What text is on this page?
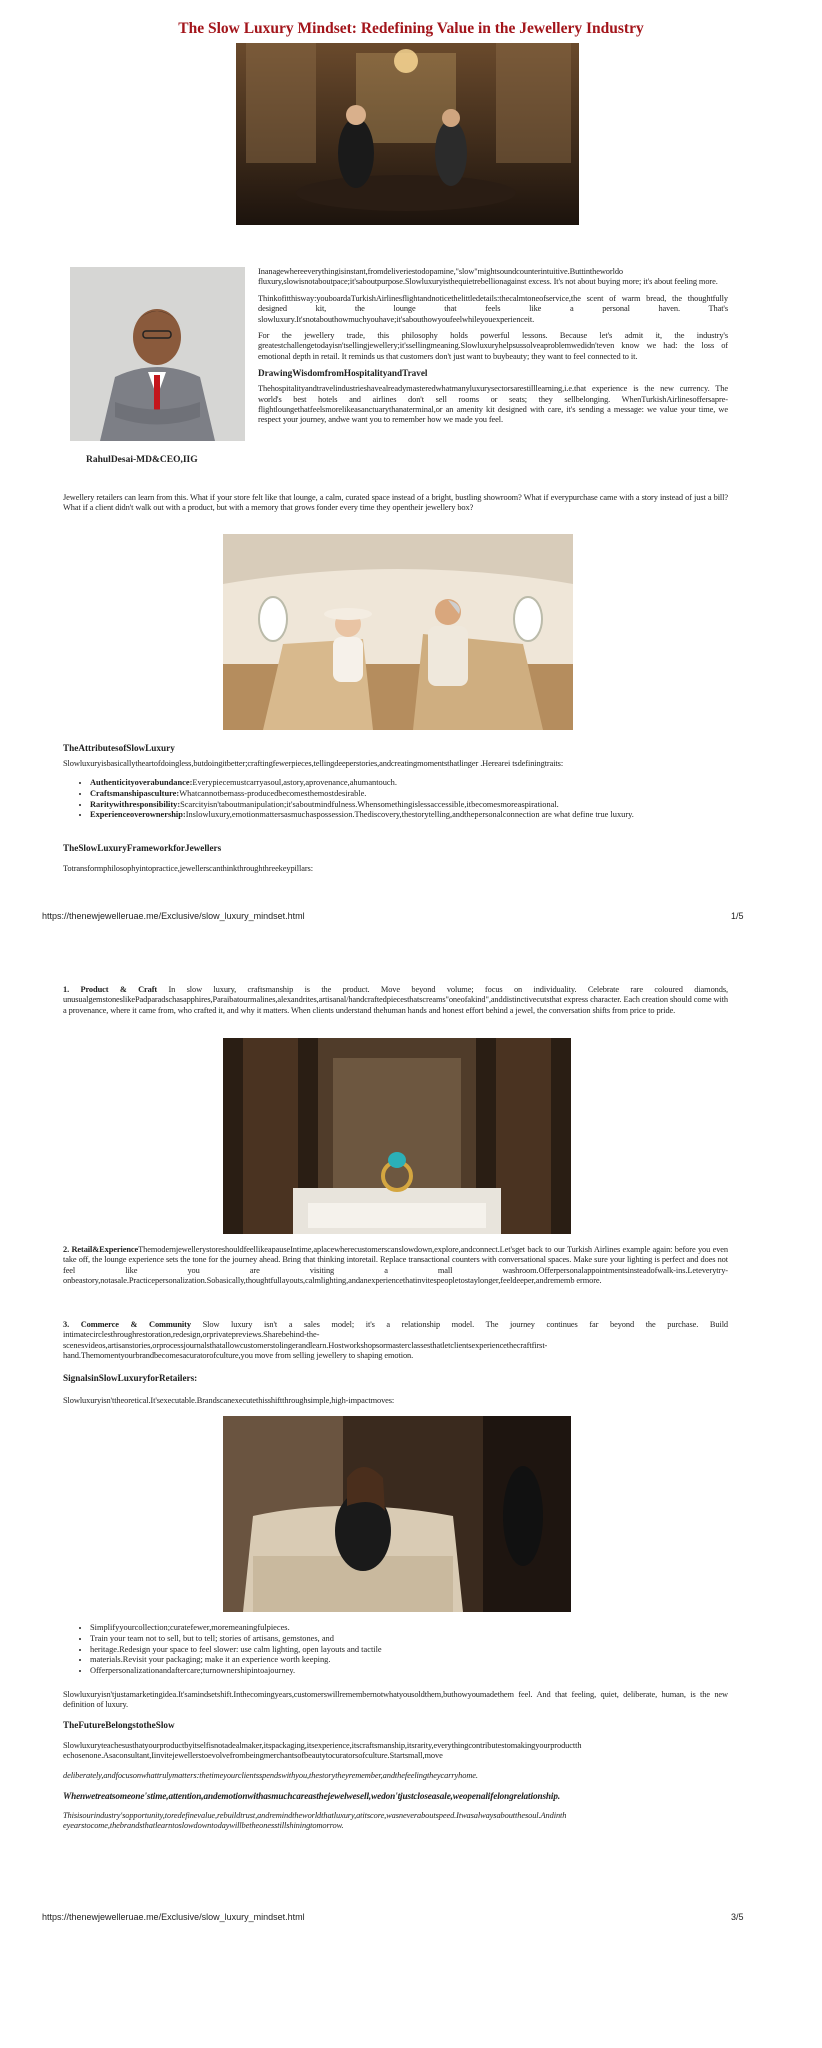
The Slow Luxury Mindset: Redefining Value in the Jewellery Industry
RahulDesai-MD&CEO,IIG

Inanagewhereeverythingisinstant,fromdeliveriestodopamine,"slow"mightsoundcounterintuitive.Buttintheworldo fluxury,slowisnotaboutpace;it'saboutpurpose.Slowluxuryisthequietrebellionagainst excess. It's not about buying more; it's about feeling more.

Thinkofitthisway:youboardaTurkishAirlinesflightandnoticethelittledetails:thecalmtoneofservice,the scent of warm bread, the thoughtfully designed kit, the lounge that feels like a personal haven. That's slowluxury.It'snotabouthowmuchyouhave;it'sabouthowyoufeelwhileyouexperienceit.

For the jewellery trade, this philosophy holds powerful lessons. Because let's admit it, the industry's greatestchallengetodayisn'tsellingjewellery;it'ssellingmeaning.Slowluxuryhelpsussolveaproblemwedidn'teven know we had: the loss of emotional depth in retail. It reminds us that customers don't just want to buybeauty; they want to feel connected to it.

DrawingWisdomfromHospitalityandTravel

Thehospitalityandtravelindustrieshavealreadymasteredwhatmanyluxurysectorsarestilllearning,i.e.that experience is the new currency. The world's best hotels and airlines don't sell rooms or seats; they sellbelonging. WhenTurkishAirlinesoffersapre-flightloungethatfeelsmorelikeasanctuarythanaterminal,or an amenity kit designed with care, it's sending a message: we value your time, we respect your journey, andwe want you to remember how we made you feel.

Jewellery retailers can learn from this. What if your store felt like that lounge, a calm, curated space instead of a bright, bustling showroom? What if everypurchase came with a story instead of just a bill? What if a client didn't walk out with a product, but with a memory that grows fonder every time they opentheir jewellery box?

TheAttributesofSlowLuxury

Slowluxuryisbasicallytheartofdoingless,butdoingitbetter;craftingfewerpieces,tellingdeeperstories,andcreatingmomentsthatlinger .Herearei tsdefiningtraits:

• Authenticityoverabundance:Everypiecemustcarryasoul,astory,aprovenance,ahumantouch.
• Craftsmanshipasculture:Whatcannotbemass-producedbecomesthemostdesirable.
• Raritywithresponsibility:Scarcityisn'taboutmanipulation;it'saboutmindfulness.Whensomethingislessaccessible,itbecomesmoreaspirational.
• Experienceoverownership:Inslowluxury,emotionmattersasmuchaspossession.Thediscovery,thestorytelling,andthepersonalconnection are what define true luxury.

TheSlowLuxuryFrameworkforJewellers

Totransformphilosophyintopractice,jewellerscanthinkthroughthreekeypillars:

https://thenewjewelleruae.me/Exclusive/slow_luxury_mindset.html	1/5

1. Product & Craft In slow luxury, craftsmanship is the product. Move beyond volume; focus on individuality. Celebrate rare coloured diamonds, unusualgemstoneslikePadparadschasapphires,Paraibatourmalines,alexandrites,artisanal/handcraftedpiecesthatscreams"oneofakind",anddistinctivecutsthat express character. Each creation should come with a provenance, where it came from, who crafted it, and why it matters. When clients understand thehuman hands and honest effort behind a jewel, the conversation shifts from price to pride.

2. Retail&ExperienceThemodernjewellerystoreshouldfeellikeapauseIntime,aplacewherecustomerscanslowdown,explore,andconnect.Let'sget back to our Turkish Airlines example again: before you even take off, the lounge experience sets the tone for the journey ahead. Bring that thinking intoretail. Replace transactional counters with conversational spaces. Make sure your lighting is perfect and does not feel like you are visiting a mall washroom.Offerpersonalappointmentsinsteadofwalk-ins.Leteverytry-onbeastory,notasale.Practicepersonalization.Sobasically,thoughtfullayouts,calmlighting,andanexperiencethatinvitespeopletostaylonger,feeldeeper,andrememb ermore.

3. Commerce & Community Slow luxury isn't a sales model; it's a relationship model. The journey continues far beyond the purchase. Build intimatecirclesthroughrestoration,redesign,orprivatepreviews.Sharebehind-the-scenesvideos,artisanstories,orprocessjournalsthatallowcustomerstolingerandlearn.Hostworkshopsormasterclassesthatletclientsexperiencethecraftfirst-hand.Themomentyourbrandbecomesacuratorofculture,you move from selling jewellery to shaping emotion.

SignalsinSlowLuxuryforRetailers:

Slowluxuryisn'ttheoretical.It'sexecutable.Brandscanexecutethisshiftthroughsimple,high-impactmoves:

• Simplifyyourcollection;curatefewer,moremeaningfulpieces.
• Train your team not to sell, but to tell; stories of artisans, gemstones, and
• heritage.Redesign your space to feel slower: use calm lighting, open layouts and tactile
• materials.Revisit your packaging; make it an experience worth keeping.
• Offerpersonalizationandaftercare;turnownershipintoajourney.

Slowluxuryisn'tjustamarketingidea.It'samindsetshift.Inthecomingyears,customerswillremembernotwhatyousoldthem,buthowyoumadethem feel. And that feeling, quiet, deliberate, human, is the new definition of luxury.

TheFutureBelongstotheSlow

Slowluxuryteachesusthatyourproductbyitselfisnotadealmaker,itspackaging,itsexperience,itscraftsmanship,itsrarity,everythingcontributestomakingyourproductth echosenone.Asaconsultant,Iinvitejewellerstoevolvefrombeingmerchantsofbeautytocuratorsofculture.Startsmall,move

deliberately,andfocusonwhattrulymatters:thetimeyourclientsspendswithyou,thestorytheyremember,andthefeelingtheycarryhome.

Whenwetreatsomeone'stime,attention,andemotionwithasmuchcareasthejewelwesell,wedon'tjustcloseasale,weopenalifelongrelationship.

Thisisourindustry'sopportunity,toredefinevalue,rebuildtrust,andremindtheworldthatluxury,atitscore,wasneveraboutspeed.Itwasalwaysaboutthesoul.Andinth eyearstocome,thebrandsthatlearntoslowdowntodaywillbetheonesstillshiningtomorrow.

https://thenewjewelleruae.me/Exclusive/slow_luxury_mindset.html	3/5
